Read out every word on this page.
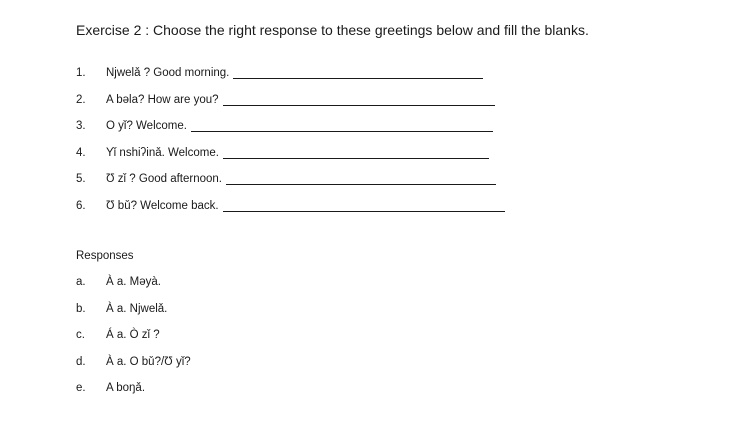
Exercise 2 : Choose the right response to these greetings below and fill the blanks.
1.	Njwelǎ ? Good morning.
2.	A bəla? How are you?
3.	O yǐ? Welcome.
4.	Yǐ nshiʔinǎ. Welcome.
5.	Ʊ zǐ ? Good afternoon.
6.	Ʊ bǔ? Welcome back.
Responses
a.	À a. Məyà.
b.	À a. Njwelǎ.
c.	Á a. Ò zǐ ?
d.	À a. O bǔ?/Ʊ yǐ?
e.	A boŋǎ.
